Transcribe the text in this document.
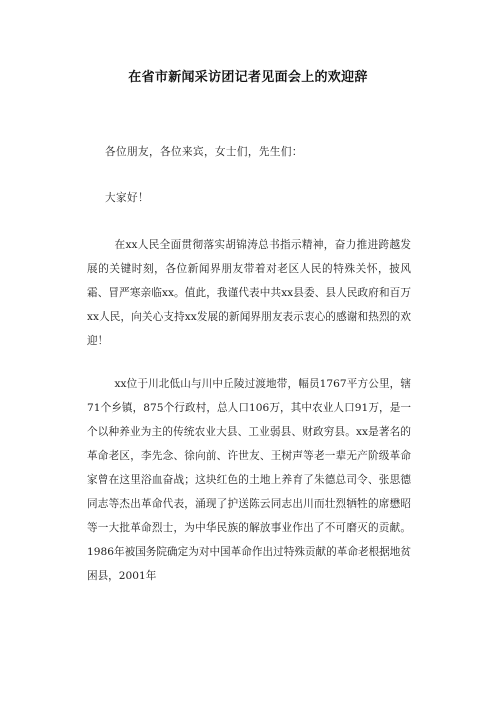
在省市新闻采访团记者见面会上的欢迎辞

各位朋友，各位来宾，女士们，先生们：

大家好！

在xx人民全面贯彻落实胡锦涛总书指示精神，奋力推进跨越发展的关键时刻，各位新闻界朋友带着对老区人民的特殊关怀，披风霜、冒严寒亲临xx。值此，我谨代表中共xx县委、县人民政府和百万xx人民，向关心支持xx发展的新闻界朋友表示衷心的感谢和热烈的欢迎！

xx位于川北低山与川中丘陵过渡地带，幅员1767平方公里，辖71个乡镇，875个行政村，总人口106万，其中农业人口91万，是一个以种养业为主的传统农业大县、工业弱县、财政穷县。xx是著名的革命老区，李先念、徐向前、许世友、王树声等老一辈无产阶级革命家曾在这里浴血奋战；这块红色的土地上养育了朱德总司令、张思德同志等杰出革命代表，涌现了护送陈云同志出川而壮烈牺牲的席懋昭等一大批革命烈士，为中华民族的解放事业作出了不可磨灭的贡献。1986年被国务院确定为对中国革命作出过特殊贡献的革命老根据地贫困县，2001年
